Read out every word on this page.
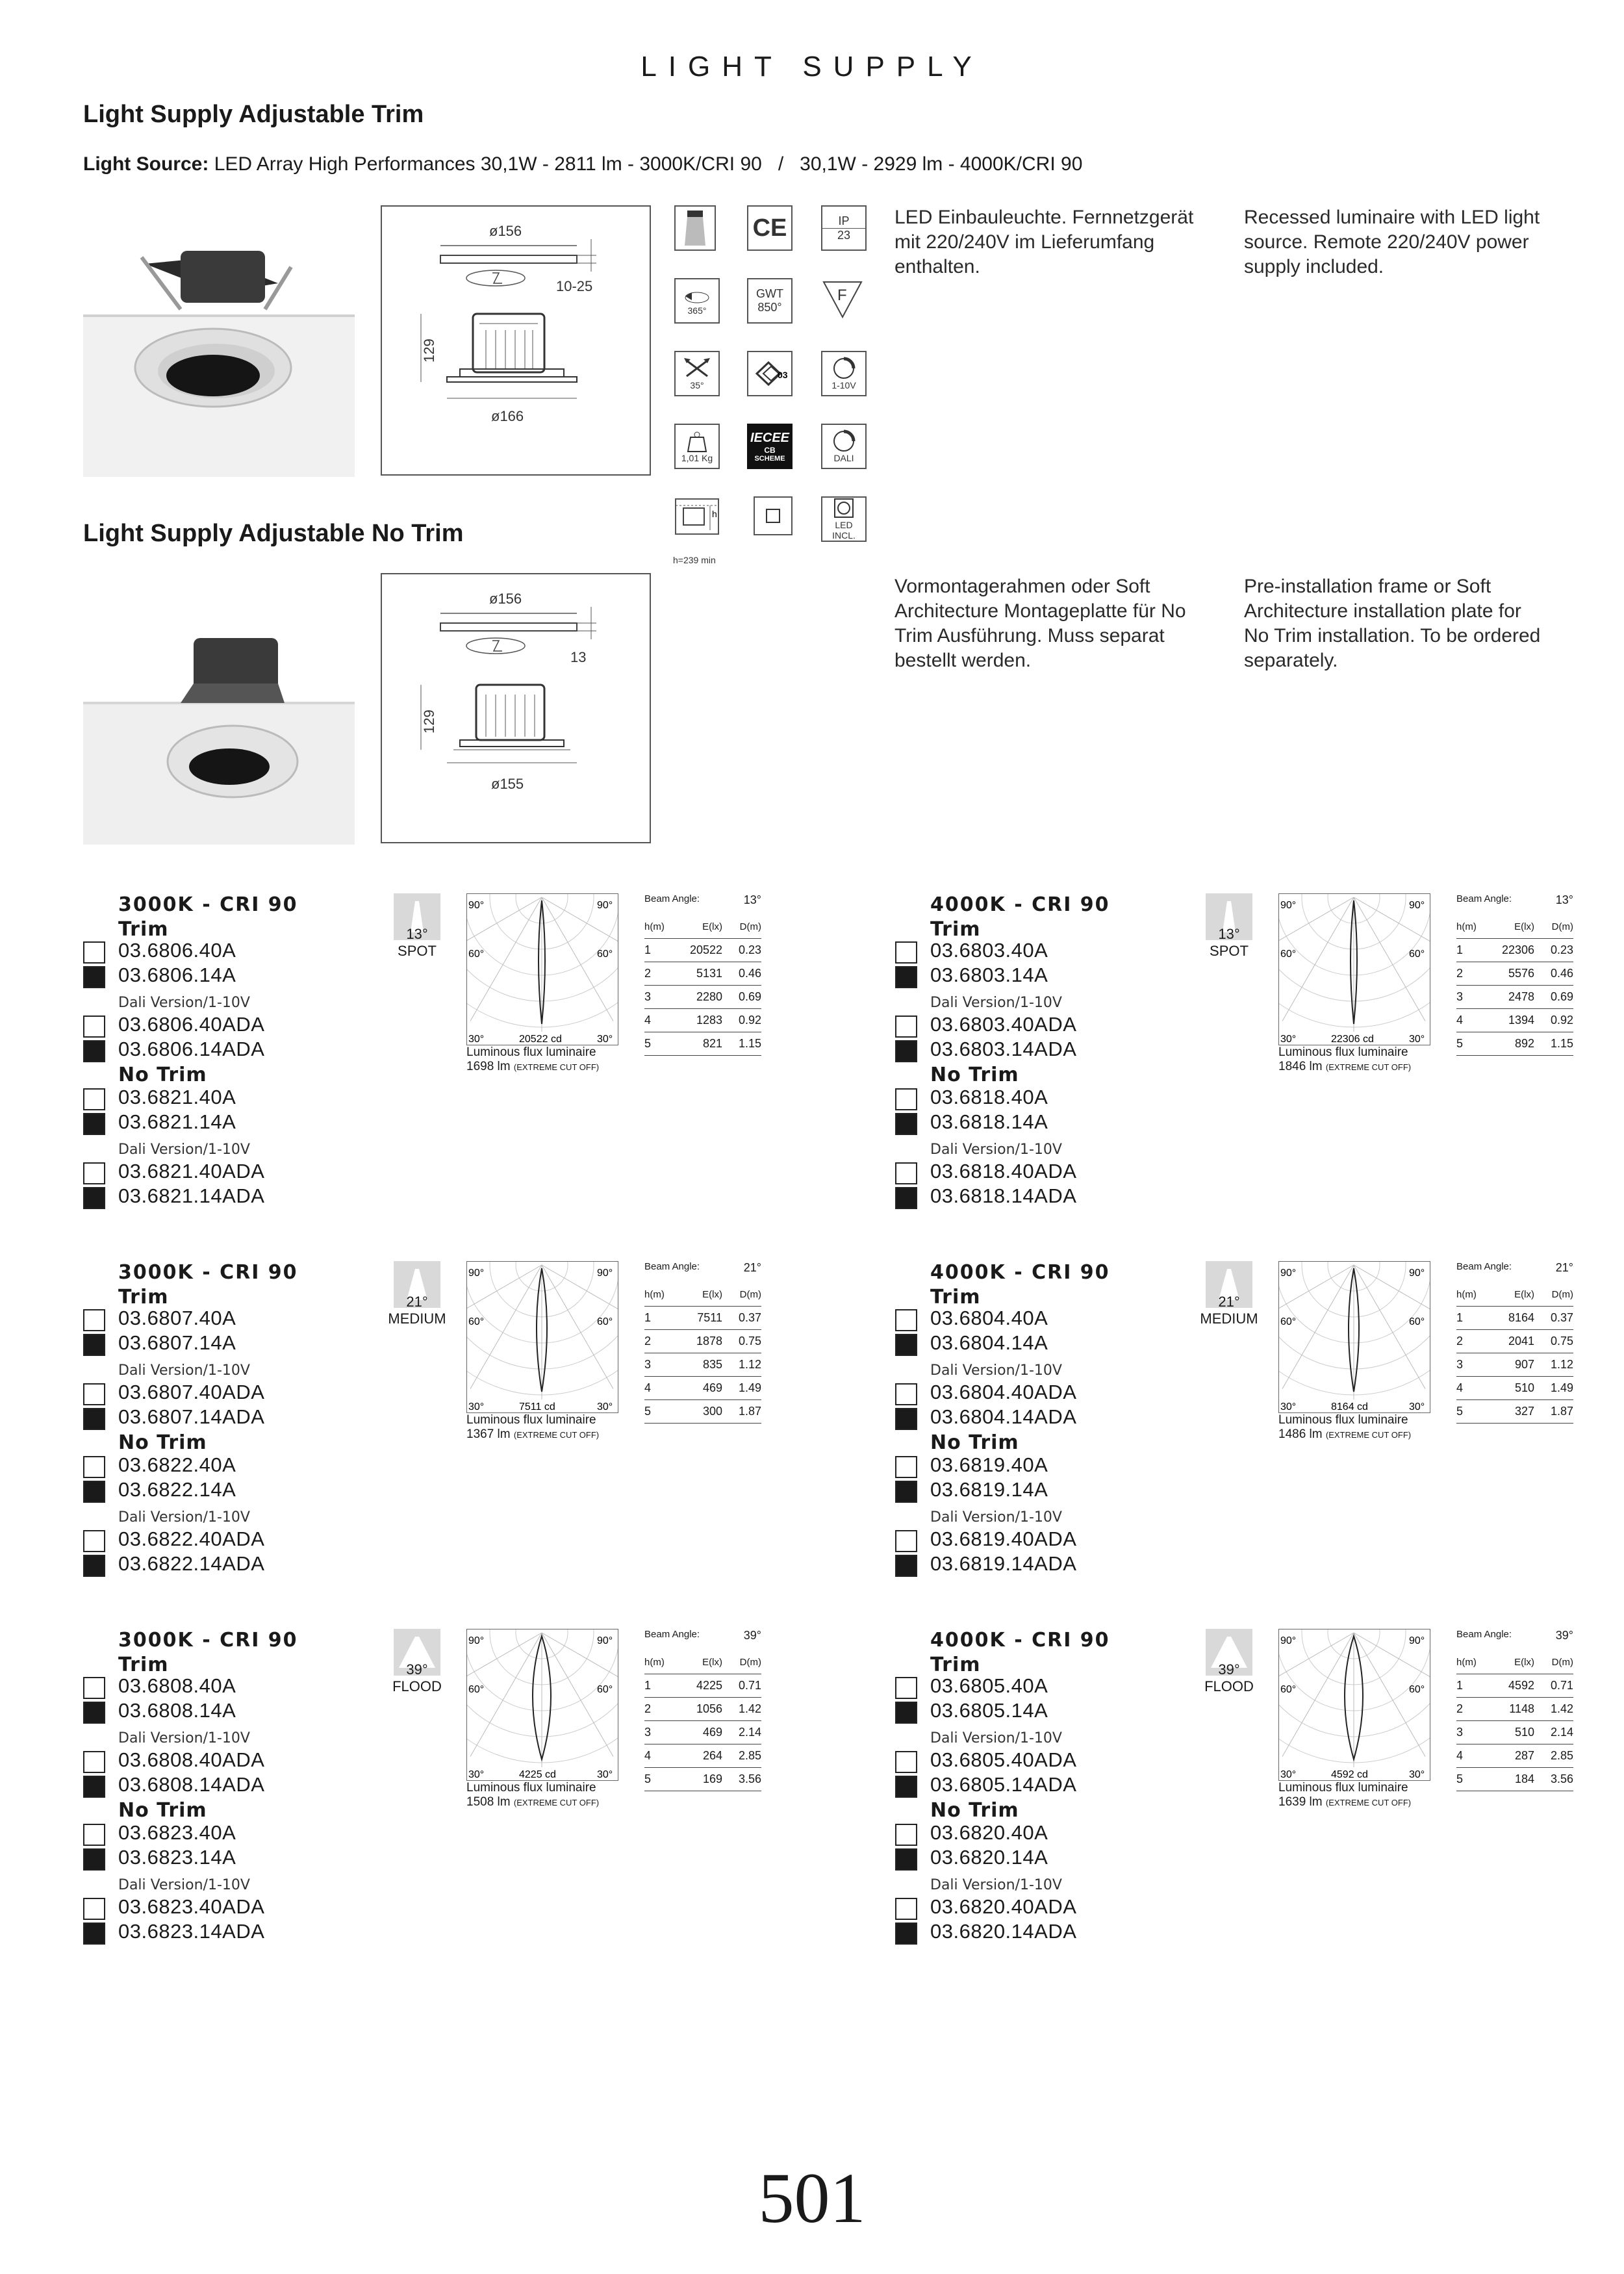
LIGHT SUPPLY
Light Supply Adjustable Trim
Light Source: LED Array High Performances 30,1W - 2811 lm - 3000K/CRI 90   /   30,1W - 2929 lm - 4000K/CRI 90
ø156
10-25
129
ø166
CE	IP
23
365°
GWT
850°
F
35°
03
1-10V
1,01 Kg
IECEE
CB
SCHEME	DALI
h
h=239 min
LED INCL.
LED Einbauleuchte. Fernnetzgerät
mit 220/240V im Lieferumfang
enthalten.
Recessed luminaire with LED light
source. Remote 220/240V power
supply included.
Light Supply Adjustable No Trim
ø156
13
129
ø155
Vormontagerahmen oder Soft
Architecture Montageplatte für No
Trim Ausführung. Muss separat
bestellt werden.
Pre-installation frame or Soft
Architecture installation plate for
No Trim installation. To be ordered
separately.
3000K - CRI 90
Trim
03.6806.40A
03.6806.14A
03.6806.40ADA
03.6806.14ADA
03.6821.40A
03.6821.14A
03.6821.40ADA
03.6821.14ADA
Dali Version/1-10V
No Trim
Dali Version/1-10V
13°
SPOT
90°	90°
60°	60°
30°	30°
20522 cd
Luminous flux luminaire
1698 lm (EXTREME CUT OFF)
Beam Angle:	13°
h(m)	E(lx)	D(m)
1	20522	0.23
2	5131	0.46
3	2280	0.69
4	1283	0.92
5	821	1.15
4000K - CRI 90
Trim
03.6803.40A
03.6803.14A
03.6803.40ADA
03.6803.14ADA
03.6818.40A
03.6818.14A
03.6818.40ADA
03.6818.14ADA
Dali Version/1-10V
No Trim
Dali Version/1-10V
13°
SPOT
90°	90°
60°	60°
30°	30°
22306 cd
Luminous flux luminaire
1846 lm (EXTREME CUT OFF)
Beam Angle:	13°
h(m)	E(lx)	D(m)
1	22306	0.23
2	5576	0.46
3	2478	0.69
4	1394	0.92
5	892	1.15
3000K - CRI 90
Trim
03.6807.40A
03.6807.14A
03.6807.40ADA
03.6807.14ADA
03.6822.40A
03.6822.14A
03.6822.40ADA
03.6822.14ADA
Dali Version/1-10V
No Trim
Dali Version/1-10V
21°
MEDIUM
90°	90°
60°	60°
30°	30°
7511 cd
Luminous flux luminaire
1367 lm (EXTREME CUT OFF)
Beam Angle:	21°
h(m)	E(lx)	D(m)
1	7511	0.37
2	1878	0.75
3	835	1.12
4	469	1.49
5	300	1.87
4000K - CRI 90
Trim
03.6804.40A
03.6804.14A
03.6804.40ADA
03.6804.14ADA
03.6819.40A
03.6819.14A
03.6819.40ADA
03.6819.14ADA
Dali Version/1-10V
No Trim
Dali Version/1-10V
21°
MEDIUM
90°	90°
60°	60°
30°	30°
8164 cd
Luminous flux luminaire
1486 lm (EXTREME CUT OFF)
Beam Angle:	21°
h(m)	E(lx)	D(m)
1	8164	0.37
2	2041	0.75
3	907	1.12
4	510	1.49
5	327	1.87
3000K - CRI 90
Trim
03.6808.40A
03.6808.14A
03.6808.40ADA
03.6808.14ADA
03.6823.40A
03.6823.14A
03.6823.40ADA
03.6823.14ADA
Dali Version/1-10V
No Trim
Dali Version/1-10V
39°
FLOOD
90°	90°
60°	60°
30°	30°
4225 cd
Luminous flux luminaire
1508 lm (EXTREME CUT OFF)
Beam Angle:	39°
h(m)	E(lx)	D(m)
1	4225	0.71
2	1056	1.42
3	469	2.14
4	264	2.85
5	169	3.56
4000K - CRI 90
Trim
03.6805.40A
03.6805.14A
03.6805.40ADA
03.6805.14ADA
03.6820.40A
03.6820.14A
03.6820.40ADA
03.6820.14ADA
Dali Version/1-10V
No Trim
Dali Version/1-10V
39°
FLOOD
90°	90°
60°	60°
30°	30°
4592 cd
Luminous flux luminaire
1639 lm (EXTREME CUT OFF)
Beam Angle:	39°
h(m)	E(lx)	D(m)
1	4592	0.71
2	1148	1.42
3	510	2.14
4	287	2.85
5	184	3.56
501
